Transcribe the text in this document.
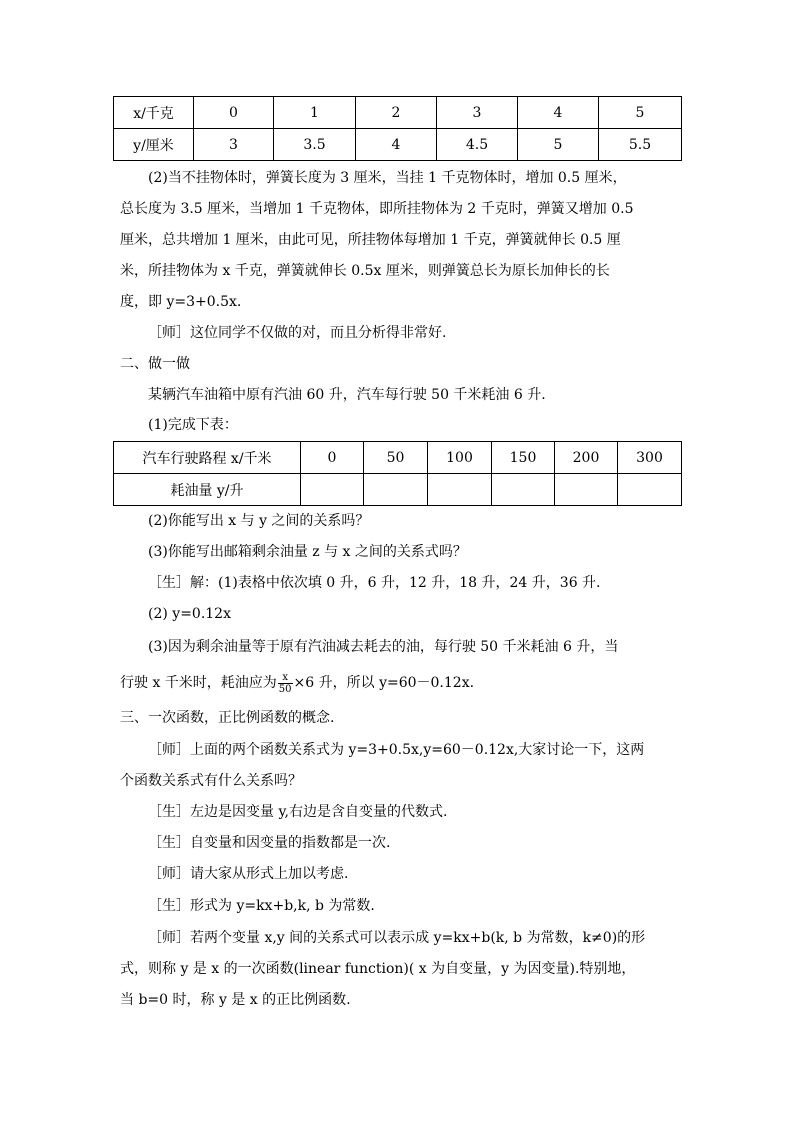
x/千克	0	1	2	3	4	5
y/厘米	3	3.5	4	4.5	5	5.5
(2)当不挂物体时，弹簧长度为 3 厘米，当挂 1 千克物体时，增加 0.5 厘米，
总长度为 3.5 厘米，当增加 1 千克物体，即所挂物体为 2 千克时，弹簧又增加 0.5
厘米，总共增加 1 厘米，由此可见，所挂物体每增加 1 千克，弹簧就伸长 0.5 厘
米，所挂物体为 x 千克，弹簧就伸长 0.5x 厘米，则弹簧总长为原长加伸长的长
度，即 y=3+0.5x.
［师］这位同学不仅做的对，而且分析得非常好.
二、做一做
某辆汽车油箱中原有汽油 60 升，汽车每行驶 50 千米耗油 6 升.
(1)完成下表：
汽车行驶路程 x/千米	0	50	100	150	200	300
耗油量 y/升						
(2)你能写出 x 与 y 之间的关系吗？
(3)你能写出邮箱剩余油量 z 与 x 之间的关系式吗？
［生］解：(1)表格中依次填 0 升，6 升，12 升，18 升，24 升，36 升.
(2) y=0.12x
(3)因为剩余油量等于原有汽油减去耗去的油，每行驶 50 千米耗油 6 升，当
行驶 x 千米时，耗油应为 $\frac{x}{50} \times 6$ 升，所以 y=60－0.12x.
三、一次函数，正比例函数的概念.
［师］上面的两个函数关系式为 y=3+0.5x,y=60－0.12x,大家讨论一下，这两
个函数关系式有什么关系吗？
［生］左边是因变量 y,右边是含自变量的代数式.
［生］自变量和因变量的指数都是一次.
［师］请大家从形式上加以考虑.
［生］形式为 y=kx+b,k, b 为常数.
［师］若两个变量 x,y 间的关系式可以表示成 y=kx+b(k, b 为常数，k≠0)的形
式，则称 y 是 x 的一次函数(linear function)( x 为自变量，y 为因变量).特别地，
当 b=0 时，称 y 是 x 的正比例函数.
